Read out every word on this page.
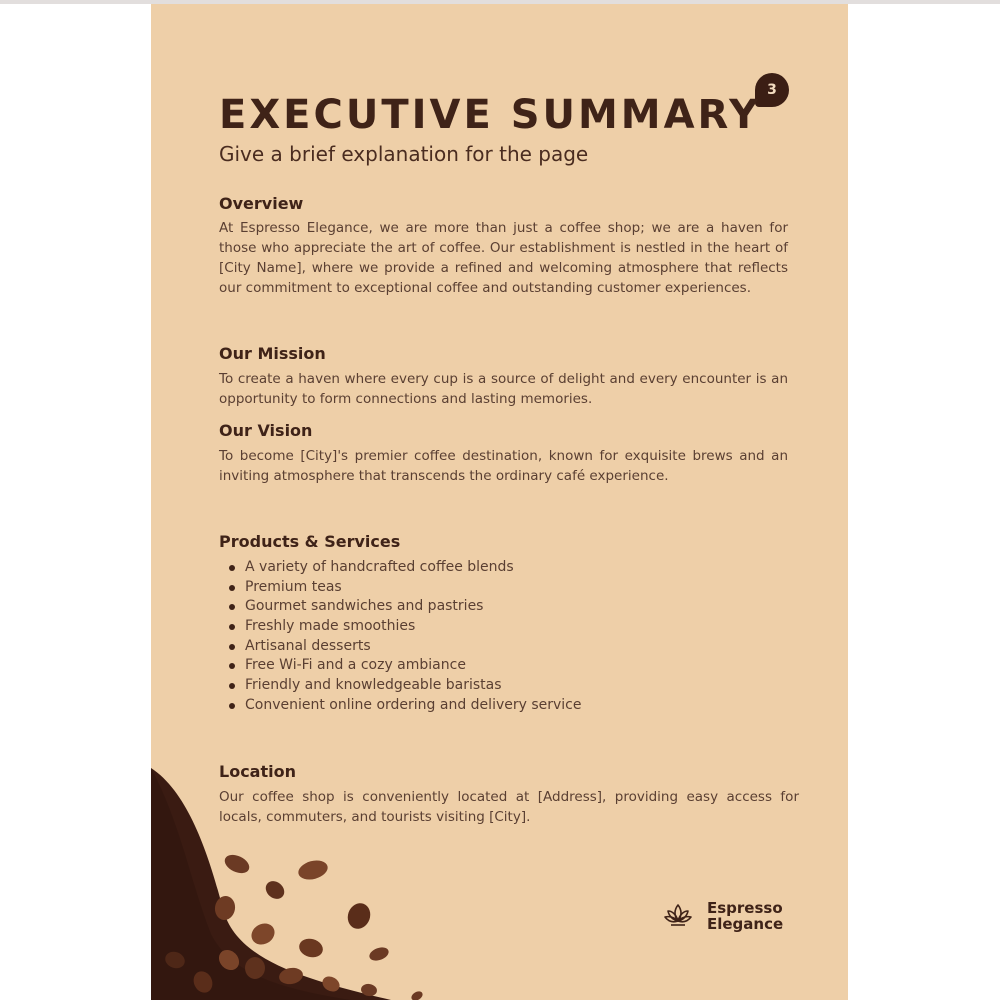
3
EXECUTIVE SUMMARY

Give a brief explanation for the page

Overview

At Espresso Elegance, we are more than just a coffee shop; we are a haven for those who appreciate the art of coffee. Our establishment is nestled in the heart of [City Name], where we provide a refined and welcoming atmosphere that reflects our commitment to exceptional coffee and outstanding customer experiences.

Our Mission

To create a haven where every cup is a source of delight and every encounter is an opportunity to form connections and lasting memories.

Our Vision

To become [City]'s premier coffee destination, known for exquisite brews and an inviting atmosphere that transcends the ordinary café experience.

Products & Services
A variety of handcrafted coffee blends
Premium teas
Gourmet sandwiches and pastries
Freshly made smoothies
Artisanal desserts
Free Wi-Fi and a cozy ambiance
Friendly and knowledgeable baristas
Convenient online ordering and delivery service
Location

Our coffee shop is conveniently located at [Address], providing easy access for locals, commuters, and tourists visiting [City].

Espresso
Elegance
